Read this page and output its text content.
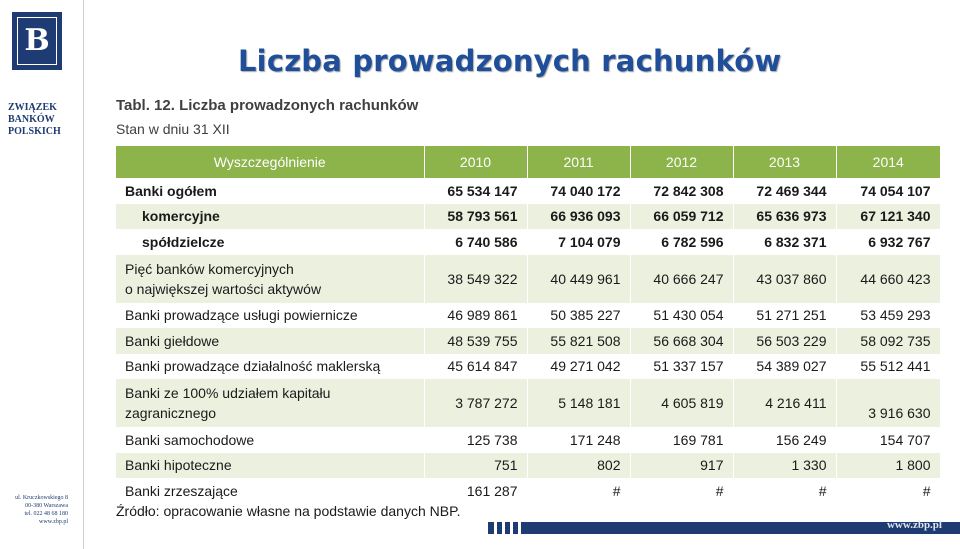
B
ZWIĄZEK
BANKÓW
POLSKICH
ul. Kruczkowskiego 8
00-380 Warszawa
tel. 022 48 68 180
www.zbp.pl
Liczba prowadzonych rachunków
Tabl. 12. Liczba prowadzonych rachunków
Stan w dniu 31 XII
Wyszczególnienie	2010	2011	2012	2013	2014
Banki ogółem	65 534 147	74 040 172	72 842 308	72 469 344	74 054 107
komercyjne	58 793 561	66 936 093	66 059 712	65 636 973	67 121 340
spółdzielcze	6 740 586	7 104 079	6 782 596	6 832 371	6 932 767

Pięć banków komercyjnych
o największej wartości aktywów	38 549 322	40 449 961	40 666 247	43 037 860	44 660 423
Banki prowadzące usługi powiernicze	46 989 861	50 385 227	51 430 054	51 271 251	53 459 293
Banki giełdowe	48 539 755	55 821 508	56 668 304	56 503 229	58 092 735
Banki prowadzące działalność maklerską	45 614 847	49 271 042	51 337 157	54 389 027	55 512 441

Banki ze 100% udziałem kapitału
zagranicznego	3 787 272	5 148 181	4 605 819	4 216 411	3 916 630
Banki samochodowe	125 738	171 248	169 781	156 249	154 707
Banki hipoteczne	751	802	917	1 330	1 800
Banki zrzeszające	161 287	#	#	#	#
Źródło: opracowanie własne na podstawie danych NBP.
www.zbp.pl
